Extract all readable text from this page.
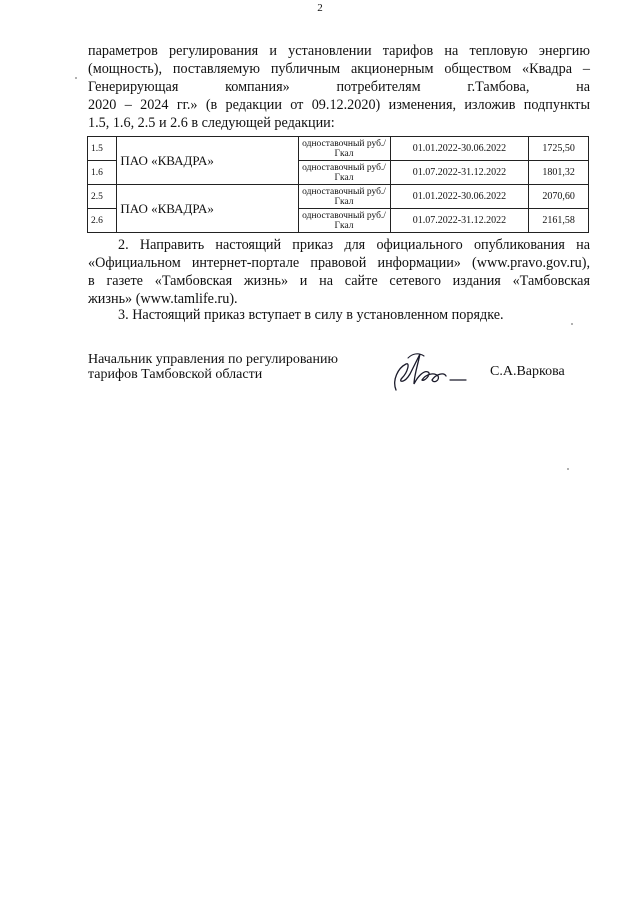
2
параметров регулирования и установлении тарифов на тепловую энергию
(мощность), поставляемую публичным акционерным обществом «Квадра –
Генерирующая компания» потребителям г.Тамбова, на
2020 – 2024 гг.» (в редакции от 09.12.2020) изменения, изложив подпункты
1.5, 1.6, 2.5 и 2.6 в следующей редакции:
1.5	ПАО «КВАДРА»	одноставочный руб./Гкал	01.01.2022-30.06.2022	1725,50
1.6		одноставочный руб./Гкал	01.07.2022-31.12.2022	1801,32
2.5	ПАО «КВАДРА»	одноставочный руб./Гкал	01.01.2022-30.06.2022	2070,60
2.6		одноставочный руб./Гкал	01.07.2022-31.12.2022	2161,58
2. Направить настоящий приказ для официального опубликования на
«Официальном интернет-портале правовой информации» (www.pravo.gov.ru),
в газете «Тамбовская жизнь» и на сайте сетевого издания «Тамбовская
жизнь» (www.tamlife.ru).
3. Настоящий приказ вступает в силу в установленном порядке.
Начальник управления по регулированию
тарифов Тамбовской области	С.А.Варкова
